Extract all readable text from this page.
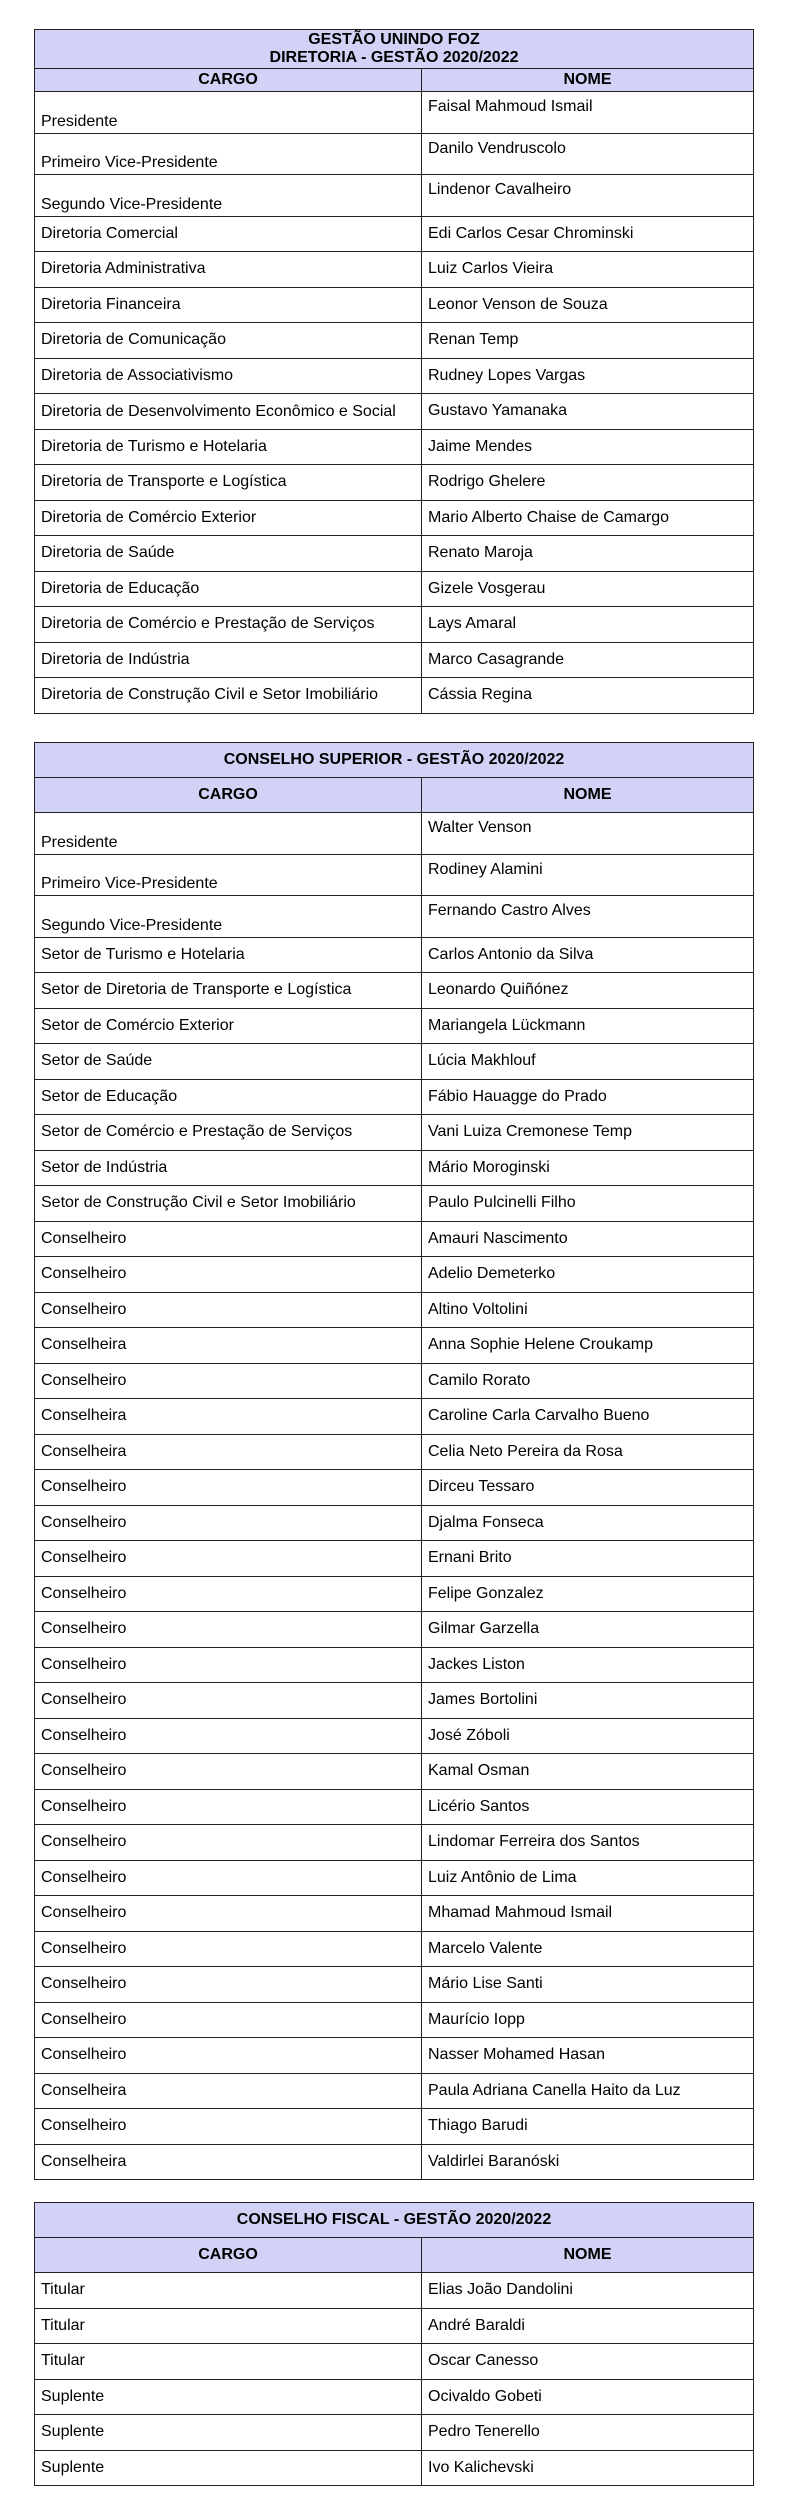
GESTÃO UNINDO FOZ
DIRETORIA - GESTÃO 2020/2022	

CARGO	NOME
Presidente	Faisal Mahmoud Ismail
Primeiro Vice-Presidente	Danilo Vendruscolo
Segundo Vice-Presidente	Lindenor Cavalheiro
Diretoria Comercial	Edi Carlos Cesar Chrominski
Diretoria Administrativa	Luiz Carlos Vieira
Diretoria Financeira	Leonor Venson de Souza
Diretoria de Comunicação	Renan Temp
Diretoria de Associativismo	Rudney Lopes Vargas
Diretoria de Desenvolvimento Econômico e Social	Gustavo Yamanaka
Diretoria de Turismo e Hotelaria	Jaime Mendes
Diretoria de Transporte e Logística	Rodrigo Ghelere
Diretoria de Comércio Exterior	Mario Alberto Chaise de Camargo
Diretoria de Saúde	Renato Maroja
Diretoria de Educação	Gizele Vosgerau
Diretoria de Comércio e Prestação de Serviços	Lays Amaral
Diretoria de Indústria	Marco Casagrande
Diretoria de Construção Civil e Setor Imobiliário	Cássia Regina
CONSELHO SUPERIOR - GESTÃO 2020/2022	
CARGO	NOME
Presidente	Walter Venson
Primeiro Vice-Presidente	Rodiney Alamini
Segundo Vice-Presidente	Fernando Castro Alves
Setor de Turismo e Hotelaria	Carlos Antonio da Silva
Setor de Diretoria de Transporte e Logística	Leonardo Quiñónez
Setor de Comércio Exterior	Mariangela Lückmann
Setor de Saúde	Lúcia Makhlouf
Setor de Educação	Fábio Hauagge do Prado
Setor de Comércio e Prestação de Serviços	Vani Luiza Cremonese Temp
Setor de Indústria	Mário Moroginski
Setor de Construção Civil e Setor Imobiliário	Paulo Pulcinelli Filho
Conselheiro	Amauri Nascimento
Conselheiro	Adelio Demeterko
Conselheiro	Altino Voltolini
Conselheira	Anna Sophie Helene Croukamp
Conselheiro	Camilo Rorato
Conselheira	Caroline Carla Carvalho Bueno
Conselheira	Celia Neto Pereira da Rosa
Conselheiro	Dirceu Tessaro
Conselheiro	Djalma Fonseca
Conselheiro	Ernani Brito
Conselheiro	Felipe Gonzalez
Conselheiro	Gilmar Garzella
Conselheiro	Jackes Liston
Conselheiro	James Bortolini
Conselheiro	José Zóboli
Conselheiro	Kamal Osman
Conselheiro	Licério Santos
Conselheiro	Lindomar Ferreira dos Santos
Conselheiro	Luiz Antônio de Lima
Conselheiro	Mhamad Mahmoud Ismail
Conselheiro	Marcelo Valente
Conselheiro	Mário Lise Santi
Conselheiro	Maurício Iopp
Conselheiro	Nasser Mohamed Hasan
Conselheira	Paula Adriana Canella Haito da Luz
Conselheiro	Thiago Barudi
Conselheira	Valdirlei Baranóski
CONSELHO FISCAL - GESTÃO 2020/2022	
CARGO	NOME
Titular	Elias João Dandolini
Titular	André Baraldi
Titular	Oscar Canesso
Suplente	Ocivaldo Gobeti
Suplente	Pedro Tenerello
Suplente	Ivo Kalichevski
